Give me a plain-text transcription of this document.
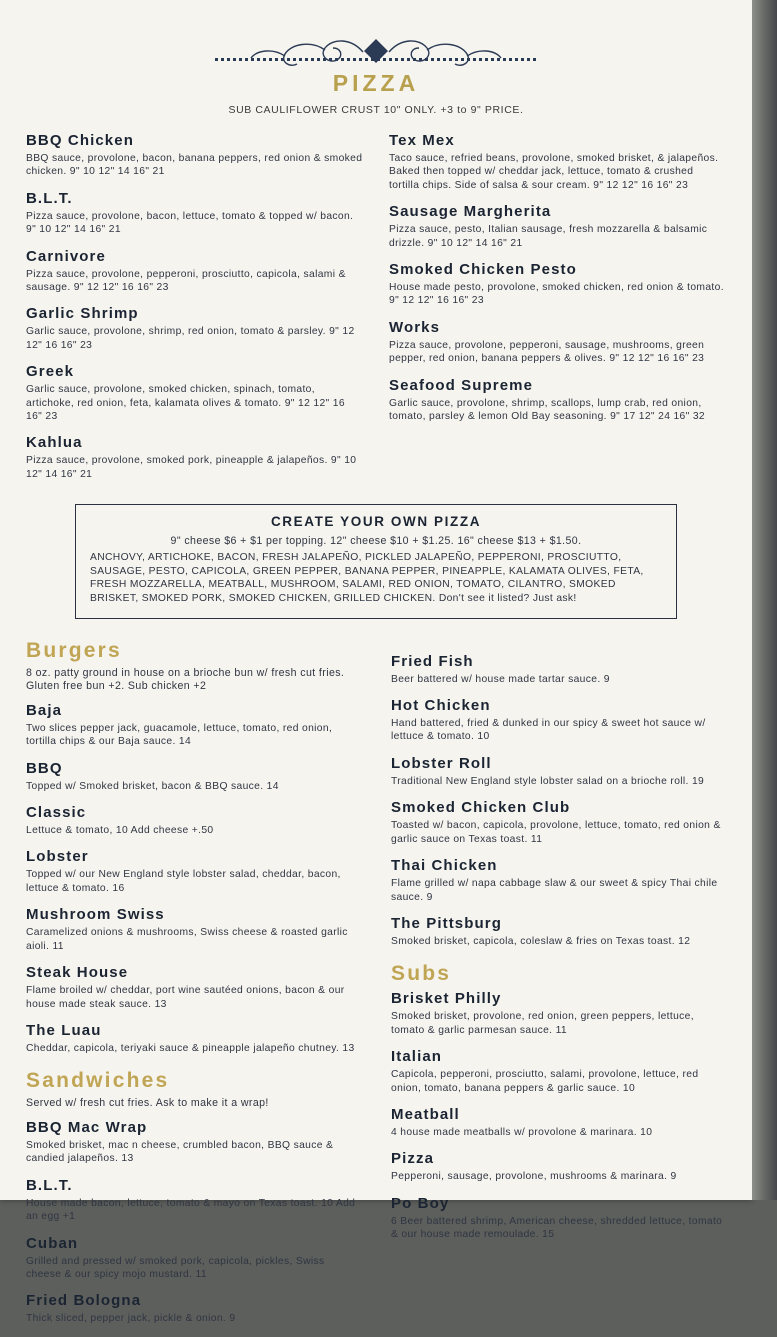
PIZZA
SUB CAULIFLOWER CRUST 10" ONLY. +3 to 9" PRICE.
BBQ Chicken
BBQ sauce, provolone, bacon, banana peppers, red onion & smoked chicken. 9" 10 12" 14 16" 21
B.L.T.
Pizza sauce, provolone, bacon, lettuce, tomato & topped w/ bacon. 9" 10 12" 14 16" 21
Carnivore
Pizza sauce, provolone, pepperoni, prosciutto, capicola, salami & sausage. 9" 12 12" 16 16" 23
Garlic Shrimp
Garlic sauce, provolone, shrimp, red onion, tomato & parsley. 9" 12 12" 16 16" 23
Greek
Garlic sauce, provolone, smoked chicken, spinach, tomato, artichoke, red onion, feta, kalamata olives & tomato. 9" 12 12" 16 16" 23
Kahlua
Pizza sauce, provolone, smoked pork, pineapple & jalapeños. 9" 10 12" 14 16" 21
Tex Mex
Taco sauce, refried beans, provolone, smoked brisket, & jalapeños. Baked then topped w/ cheddar jack, lettuce, tomato & crushed tortilla chips. Side of salsa & sour cream. 9" 12 12" 16 16" 23
Sausage Margherita
Pizza sauce, pesto, Italian sausage, fresh mozzarella & balsamic drizzle. 9" 10 12" 14 16" 21
Smoked Chicken Pesto
House made pesto, provolone, smoked chicken, red onion & tomato. 9" 12 12" 16 16" 23
Works
Pizza sauce, provolone, pepperoni, sausage, mushrooms, green pepper, red onion, banana peppers & olives. 9" 12 12" 16 16" 23
Seafood Supreme
Garlic sauce, provolone, shrimp, scallops, lump crab, red onion, tomato, parsley & lemon Old Bay seasoning. 9" 17 12" 24 16" 32
CREATE YOUR OWN PIZZA
9" cheese $6 + $1 per topping. 12" cheese $10 + $1.25. 16" cheese $13 + $1.50.
ANCHOVY, ARTICHOKE, BACON, FRESH JALAPEÑO, PICKLED JALAPEÑO, PEPPERONI, PROSCIUTTO, SAUSAGE, PESTO, CAPICOLA, GREEN PEPPER, BANANA PEPPER, PINEAPPLE, KALAMATA OLIVES, FETA, FRESH MOZZARELLA, MEATBALL, MUSHROOM, SALAMI, RED ONION, TOMATO, CILANTRO, SMOKED BRISKET, SMOKED PORK, SMOKED CHICKEN, GRILLED CHICKEN. Don't see it listed? Just ask!
Burgers
8 oz. patty ground in house on a brioche bun w/ fresh cut fries. Gluten free bun +2. Sub chicken +2
Baja
Two slices pepper jack, guacamole, lettuce, tomato, red onion, tortilla chips & our Baja sauce. 14
BBQ
Topped w/ Smoked brisket, bacon & BBQ sauce. 14
Classic
Lettuce & tomato, 10 Add cheese +.50
Lobster
Topped w/ our New England style lobster salad, cheddar, bacon, lettuce & tomato. 16
Mushroom Swiss
Caramelized onions & mushrooms, Swiss cheese & roasted garlic aioli. 11
Steak House
Flame broiled w/ cheddar, port wine sautéed onions, bacon & our house made steak sauce. 13
The Luau
Cheddar, capicola, teriyaki sauce & pineapple jalapeño chutney. 13
Sandwiches
Served w/ fresh cut fries. Ask to make it a wrap!
BBQ Mac Wrap
Smoked brisket, mac n cheese, crumbled bacon, BBQ sauce & candied jalapeños. 13
B.L.T.
House made bacon, lettuce, tomato & mayo on Texas toast. 10 Add an egg +1
Cuban
Grilled and pressed w/ smoked pork, capicola, pickles, Swiss cheese & our spicy mojo mustard. 11
Fried Bologna
Thick sliced, pepper jack, pickle & onion. 9
Fried Fish
Beer battered w/ house made tartar sauce. 9
Hot Chicken
Hand battered, fried & dunked in our spicy & sweet hot sauce w/ lettuce & tomato. 10
Lobster Roll
Traditional New England style lobster salad on a brioche roll. 19
Smoked Chicken Club
Toasted w/ bacon, capicola, provolone, lettuce, tomato, red onion & garlic sauce on Texas toast. 11
Thai Chicken
Flame grilled w/ napa cabbage slaw & our sweet & spicy Thai chile sauce. 9
The Pittsburg
Smoked brisket, capicola, coleslaw & fries on Texas toast. 12
Subs
Brisket Philly
Smoked brisket, provolone, red onion, green peppers, lettuce, tomato & garlic parmesan sauce. 11
Italian
Capicola, pepperoni, prosciutto, salami, provolone, lettuce, red onion, tomato, banana peppers & garlic sauce. 10
Meatball
4 house made meatballs w/ provolone & marinara. 10
Pizza
Pepperoni, sausage, provolone, mushrooms & marinara. 9
Po Boy
6 Beer battered shrimp, American cheese, shredded lettuce, tomato & our house made remoulade. 15
